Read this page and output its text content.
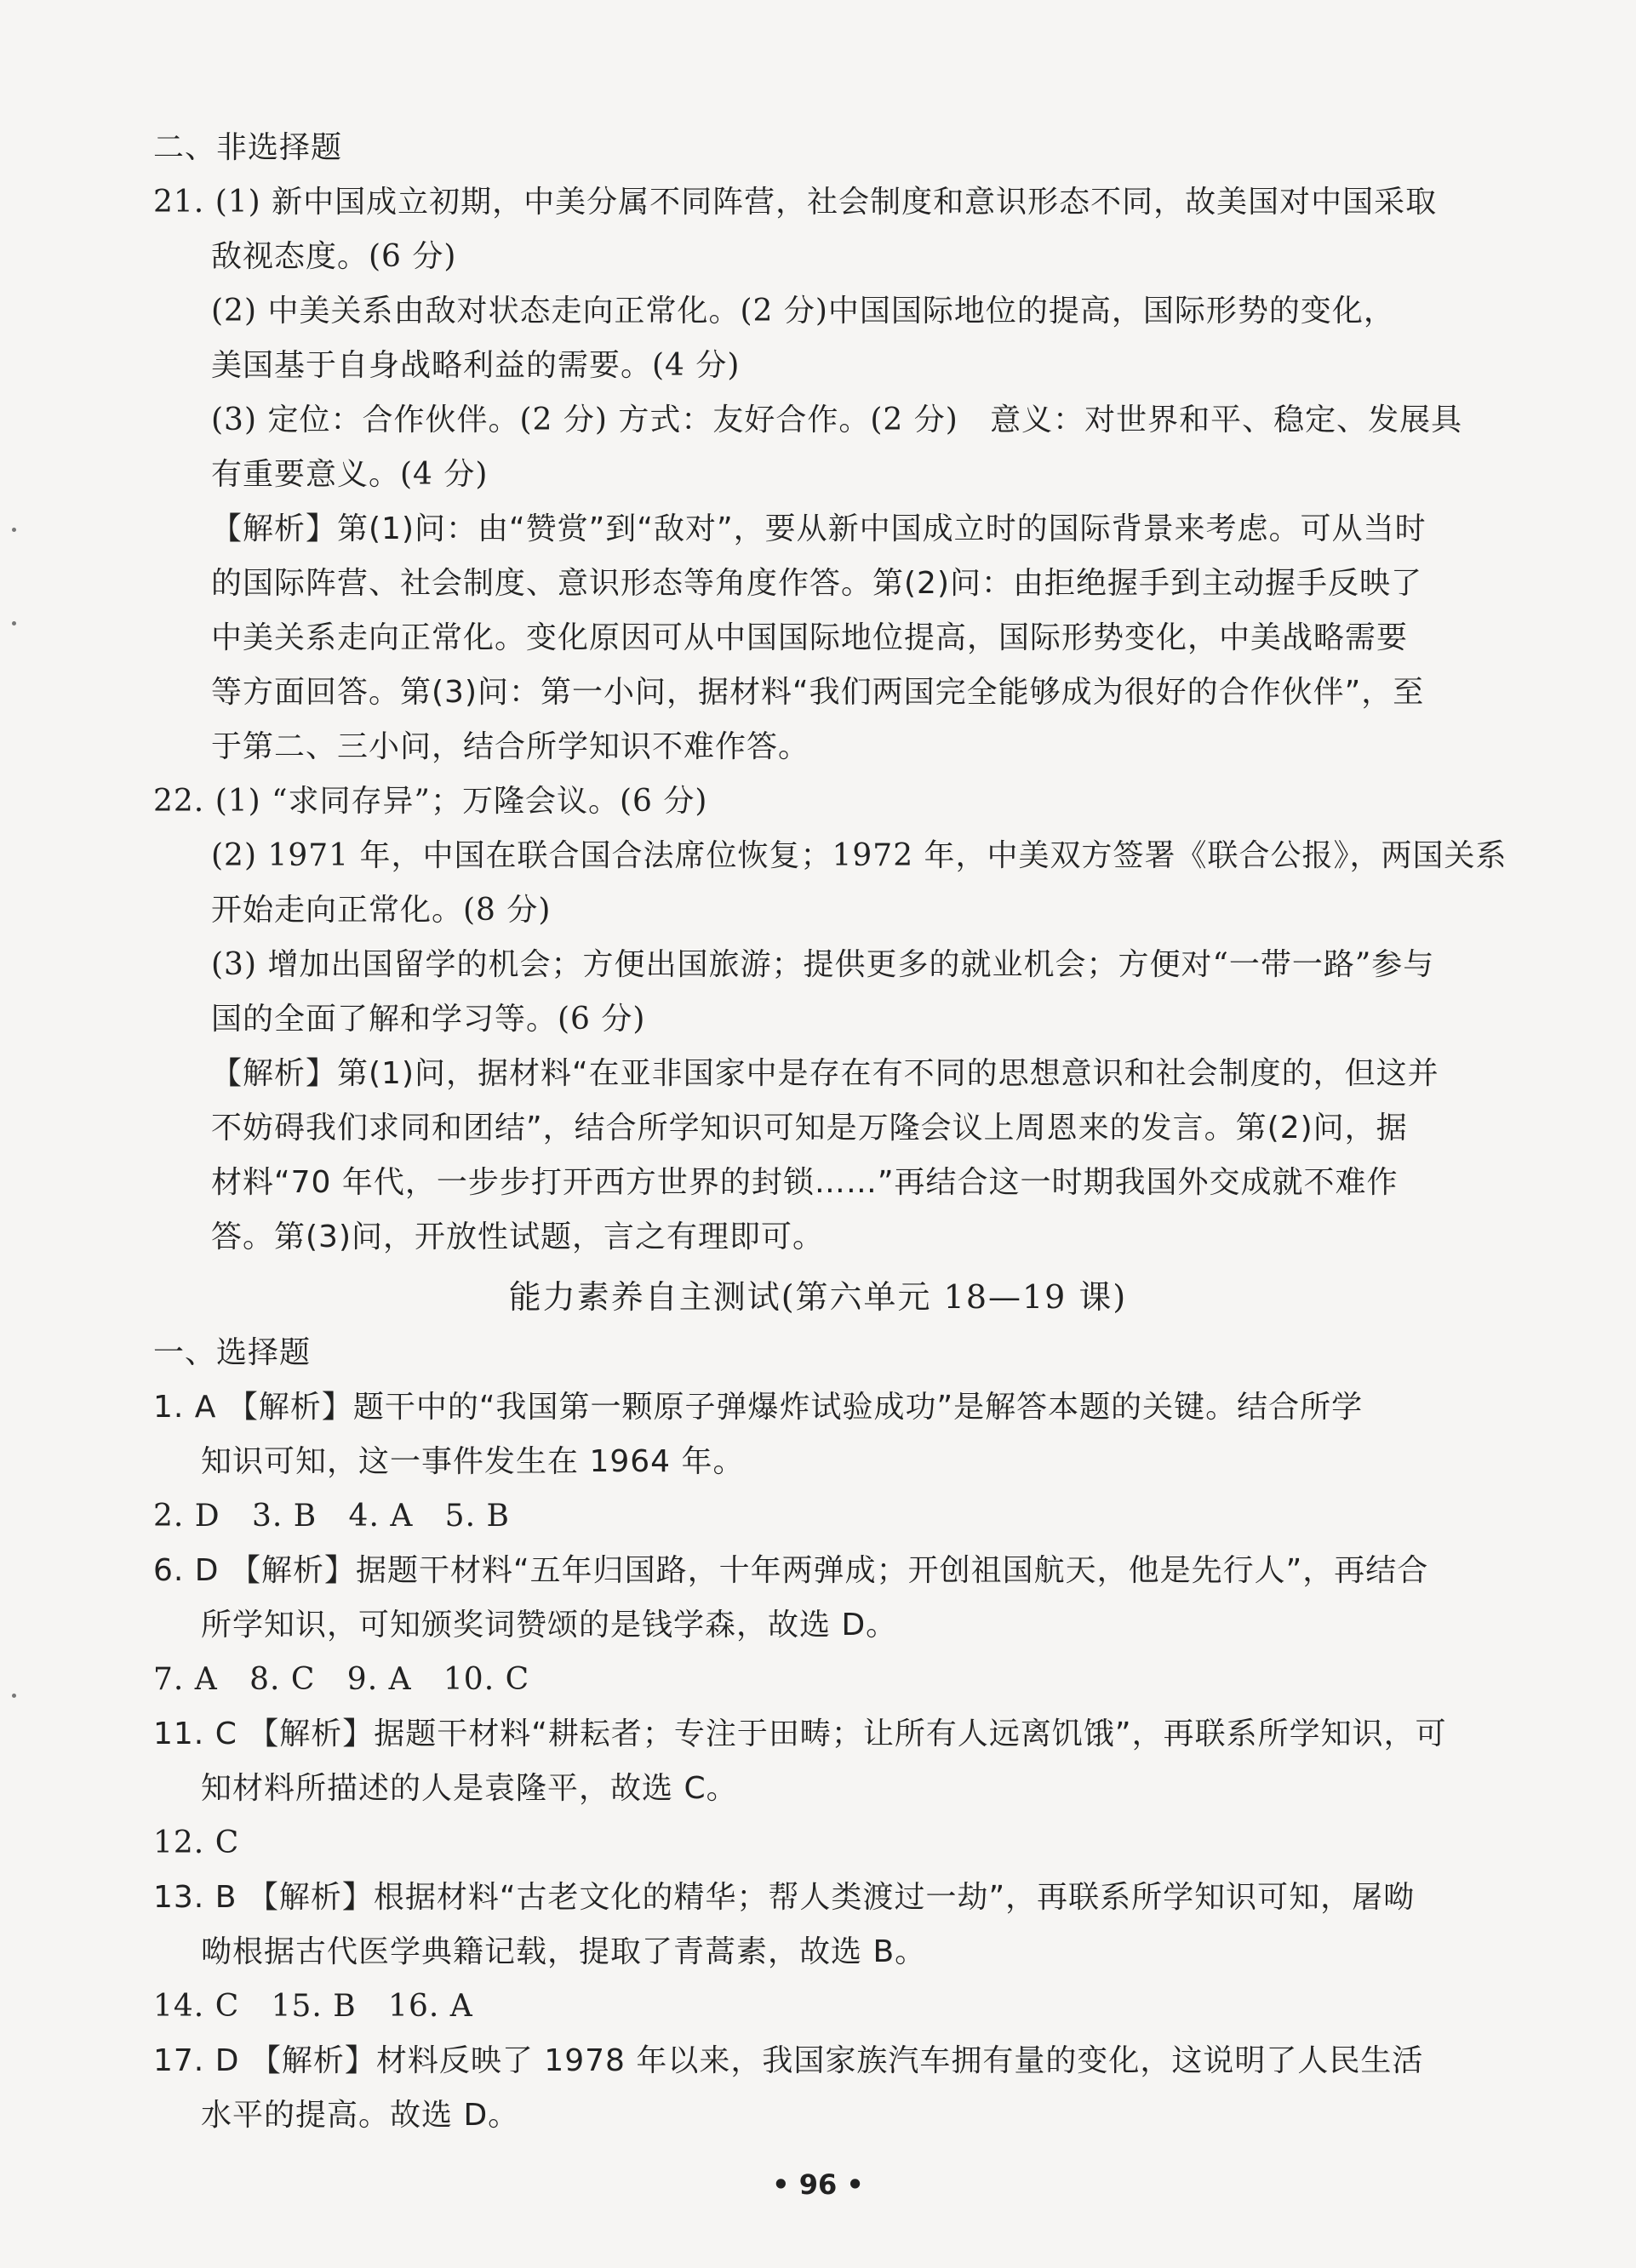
二、非选择题
21. (1) 新中国成立初期，中美分属不同阵营，社会制度和意识形态不同，故美国对中国采取
敌视态度。(6 分)
(2) 中美关系由敌对状态走向正常化。(2 分)中国国际地位的提高，国际形势的变化，
美国基于自身战略利益的需要。(4 分)
(3) 定位：合作伙伴。(2 分) 方式：友好合作。(2 分)   意义：对世界和平、稳定、发展具
有重要意义。(4 分)
【解析】第(1)问：由“赞赏”到“敌对”，要从新中国成立时的国际背景来考虑。可从当时
的国际阵营、社会制度、意识形态等角度作答。第(2)问：由拒绝握手到主动握手反映了
中美关系走向正常化。变化原因可从中国国际地位提高，国际形势变化，中美战略需要
等方面回答。第(3)问：第一小问，据材料“我们两国完全能够成为很好的合作伙伴”，至
于第二、三小问，结合所学知识不难作答。
22. (1) “求同存异”；万隆会议。(6 分)
(2) 1971 年，中国在联合国合法席位恢复；1972 年，中美双方签署《联合公报》，两国关系
开始走向正常化。(8 分)
(3) 增加出国留学的机会；方便出国旅游；提供更多的就业机会；方便对“一带一路”参与
国的全面了解和学习等。(6 分)
【解析】第(1)问，据材料“在亚非国家中是存在有不同的思想意识和社会制度的，但这并
不妨碍我们求同和团结”，结合所学知识可知是万隆会议上周恩来的发言。第(2)问，据
材料“70 年代，一步步打开西方世界的封锁……”再结合这一时期我国外交成就不难作
答。第(3)问，开放性试题，言之有理即可。
能力素养自主测试(第六单元 18—19 课)
一、选择题
1. A 【解析】题干中的“我国第一颗原子弹爆炸试验成功”是解答本题的关键。结合所学
知识可知，这一事件发生在 1964 年。
2. D   3. B   4. A   5. B
6. D 【解析】据题干材料“五年归国路，十年两弹成；开创祖国航天，他是先行人”，再结合
所学知识，可知颁奖词赞颂的是钱学森，故选 D。
7. A   8. C   9. A   10. C
11. C 【解析】据题干材料“耕耘者；专注于田畴；让所有人远离饥饿”，再联系所学知识，可
知材料所描述的人是袁隆平，故选 C。
12. C
13. B 【解析】根据材料“古老文化的精华；帮人类渡过一劫”，再联系所学知识可知，屠呦
呦根据古代医学典籍记载，提取了青蒿素，故选 B。
14. C   15. B   16. A
17. D 【解析】材料反映了 1978 年以来，我国家族汽车拥有量的变化，这说明了人民生活
水平的提高。故选 D。
• 96 •
